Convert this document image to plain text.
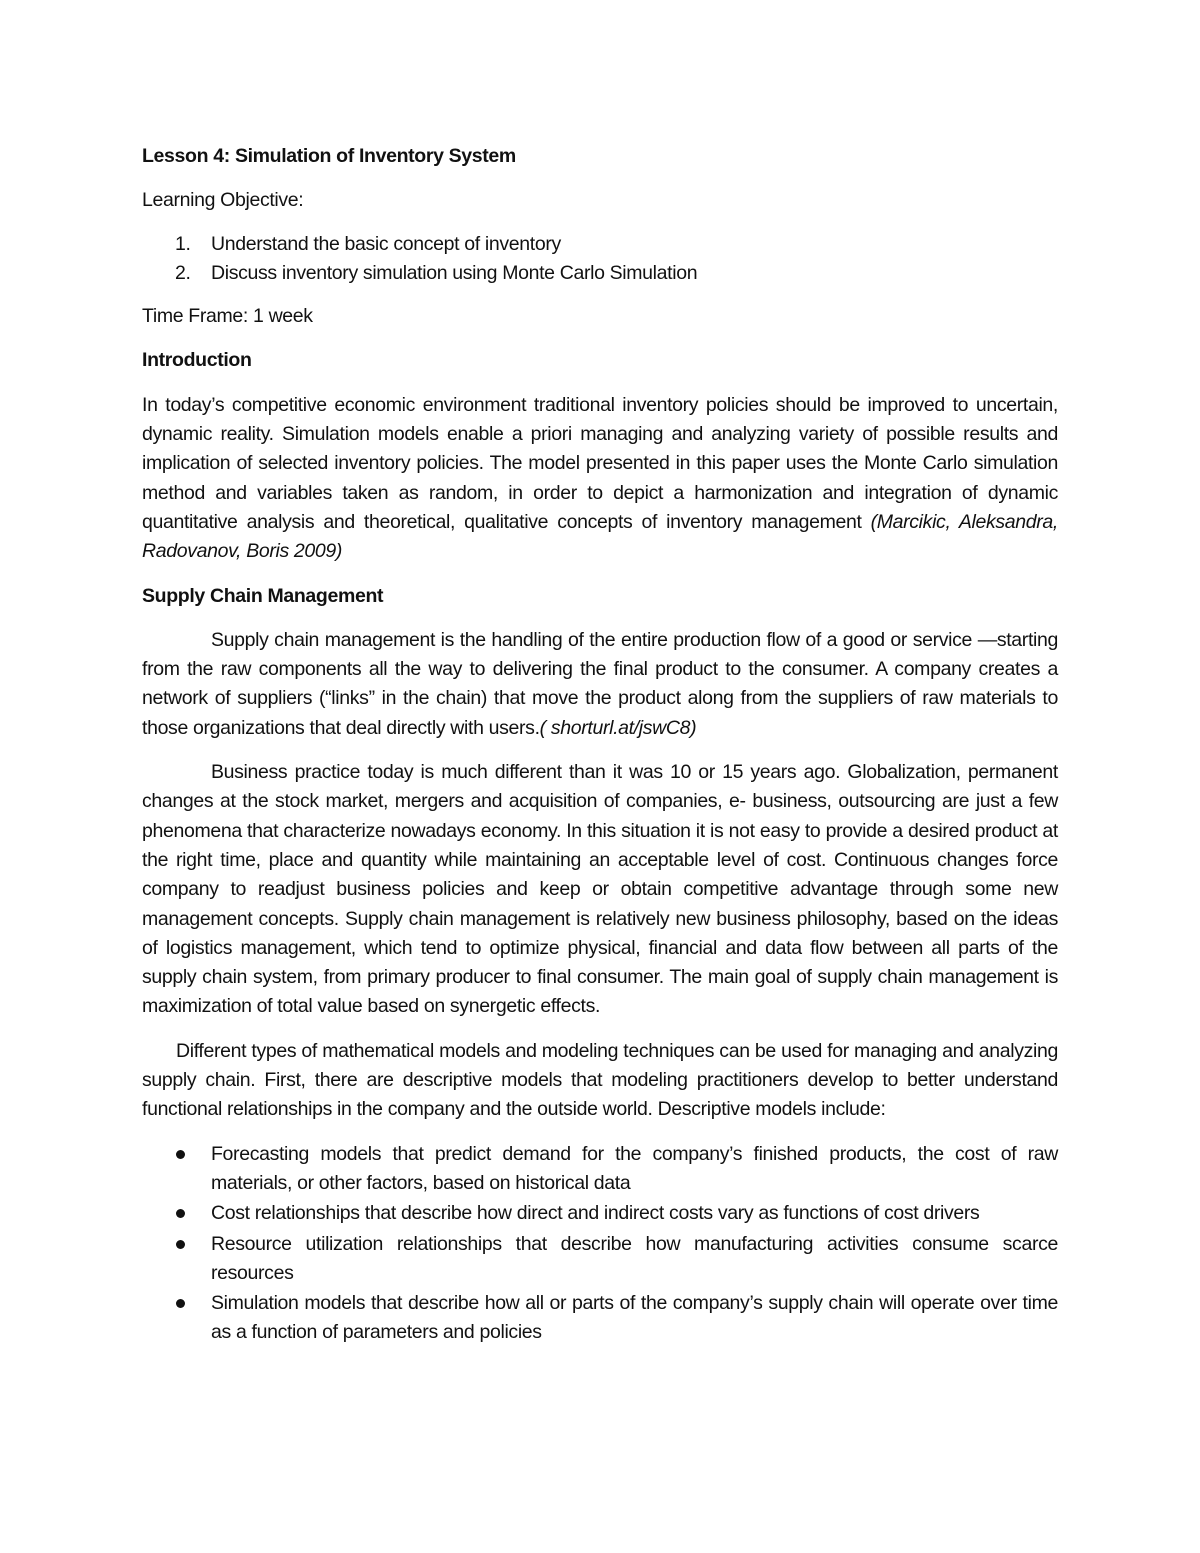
Lesson 4: Simulation of Inventory System

Learning Objective:

1. Understand the basic concept of inventory
2. Discuss inventory simulation using Monte Carlo Simulation

Time Frame: 1 week

Introduction

In today’s competitive economic environment traditional inventory policies should be improved to uncertain, dynamic reality. Simulation models enable a priori managing and analyzing variety of possible results and implication of selected inventory policies. The model presented in this paper uses the Monte Carlo simulation method and variables taken as random, in order to depict a harmonization and integration of dynamic quantitative analysis and theoretical, qualitative concepts of inventory management (Marcikic, Aleksandra, Radovanov, Boris 2009)

Supply Chain Management

Supply chain management is the handling of the entire production flow of a good or service —starting from the raw components all the way to delivering the final product to the consumer. A company creates a network of suppliers (“links” in the chain) that move the product along from the suppliers of raw materials to those organizations that deal directly with users.( shorturl.at/jswC8)

Business practice today is much different than it was 10 or 15 years ago. Globalization, permanent changes at the stock market, mergers and acquisition of companies, e- business, outsourcing are just a few phenomena that characterize nowadays economy. In this situation it is not easy to provide a desired product at the right time, place and quantity while maintaining an acceptable level of cost. Continuous changes force company to readjust business policies and keep or obtain competitive advantage through some new management concepts. Supply chain management is relatively new business philosophy, based on the ideas of logistics management, which tend to optimize physical, financial and data flow between all parts of the supply chain system, from primary producer to final consumer. The main goal of supply chain management is maximization of total value based on synergetic effects.

Different types of mathematical models and modeling techniques can be used for managing and analyzing supply chain. First, there are descriptive models that modeling practitioners develop to better understand functional relationships in the company and the outside world. Descriptive models include:

Forecasting models that predict demand for the company’s finished products, the cost of raw materials, or other factors, based on historical data
Cost relationships that describe how direct and indirect costs vary as functions of cost drivers
Resource utilization relationships that describe how manufacturing activities consume scarce resources
Simulation models that describe how all or parts of the company’s supply chain will operate over time as a function of parameters and policies
